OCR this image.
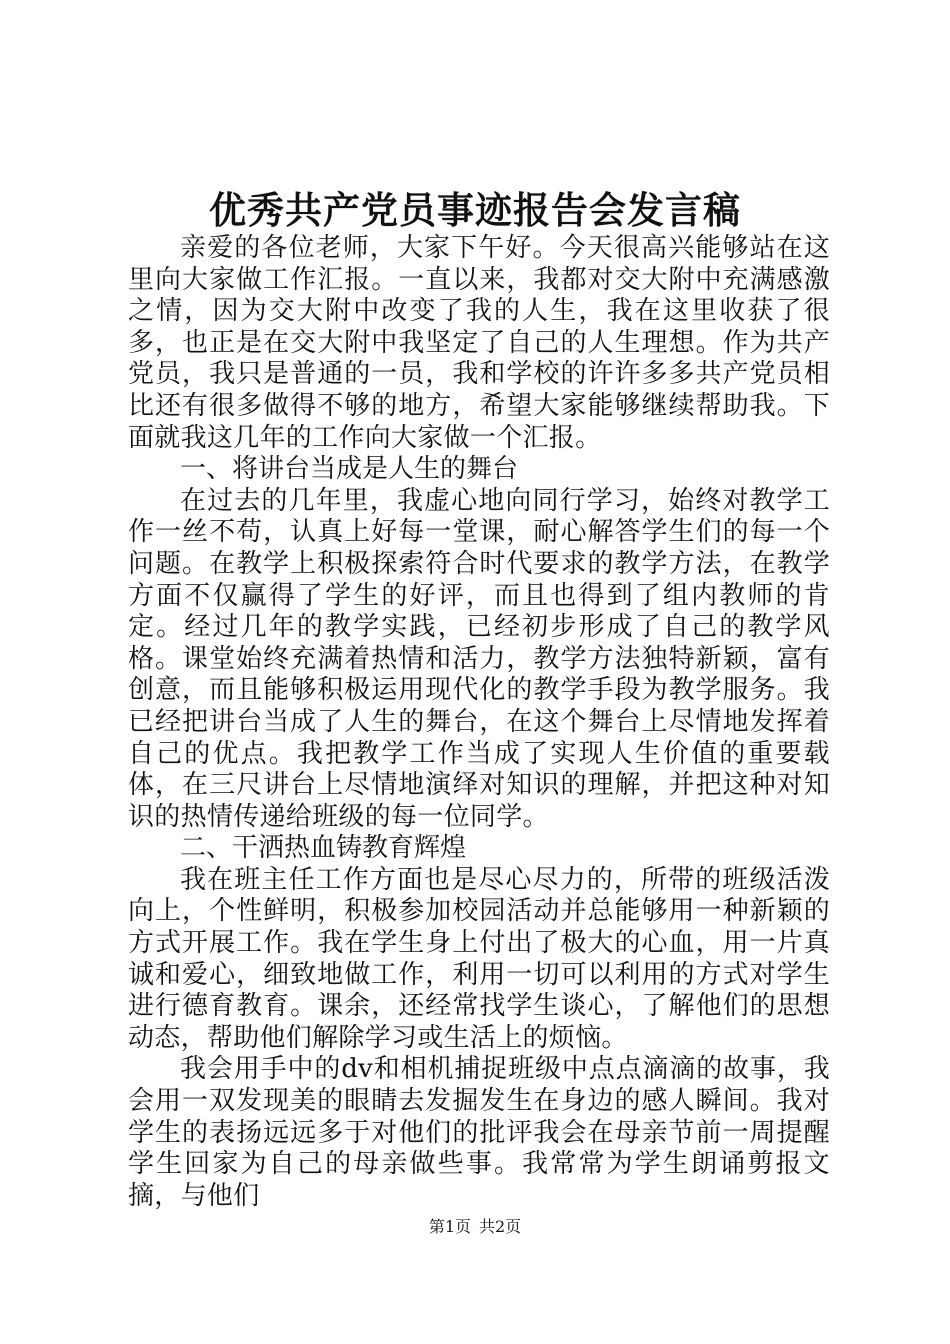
优秀共产党员事迹报告会发言稿

亲爱的各位老师，大家下午好。今天很高兴能够站在这里向大家做工作汇报。一直以来，我都对交大附中充满感激之情，因为交大附中改变了我的人生，我在这里收获了很多，也正是在交大附中我坚定了自己的人生理想。作为共产党员，我只是普通的一员，我和学校的许许多多共产党员相比还有很多做得不够的地方，希望大家能够继续帮助我。下面就我这几年的工作向大家做一个汇报。

一、将讲台当成是人生的舞台

在过去的几年里，我虚心地向同行学习，始终对教学工作一丝不苟，认真上好每一堂课，耐心解答学生们的每一个问题。在教学上积极探索符合时代要求的教学方法，在教学方面不仅赢得了学生的好评，而且也得到了组内教师的肯定。经过几年的教学实践，已经初步形成了自己的教学风格。课堂始终充满着热情和活力，教学方法独特新颖，富有创意，而且能够积极运用现代化的教学手段为教学服务。我已经把讲台当成了人生的舞台，在这个舞台上尽情地发挥着自己的优点。我把教学工作当成了实现人生价值的重要载体，在三尺讲台上尽情地演绎对知识的理解，并把这种对知识的热情传递给班级的每一位同学。

二、干洒热血铸教育辉煌

我在班主任工作方面也是尽心尽力的，所带的班级活泼向上，个性鲜明，积极参加校园活动并总能够用一种新颖的方式开展工作。我在学生身上付出了极大的心血，用一片真诚和爱心，细致地做工作，利用一切可以利用的方式对学生进行德育教育。课余，还经常找学生谈心，了解他们的思想动态，帮助他们解除学习或生活上的烦恼。

我会用手中的dv和相机捕捉班级中点点滴滴的故事，我会用一双发现美的眼睛去发掘发生在身边的感人瞬间。我对学生的表扬远远多于对他们的批评我会在母亲节前一周提醒学生回家为自己的母亲做些事。我常常为学生朗诵剪报文摘，与他们

第1页 共2页
